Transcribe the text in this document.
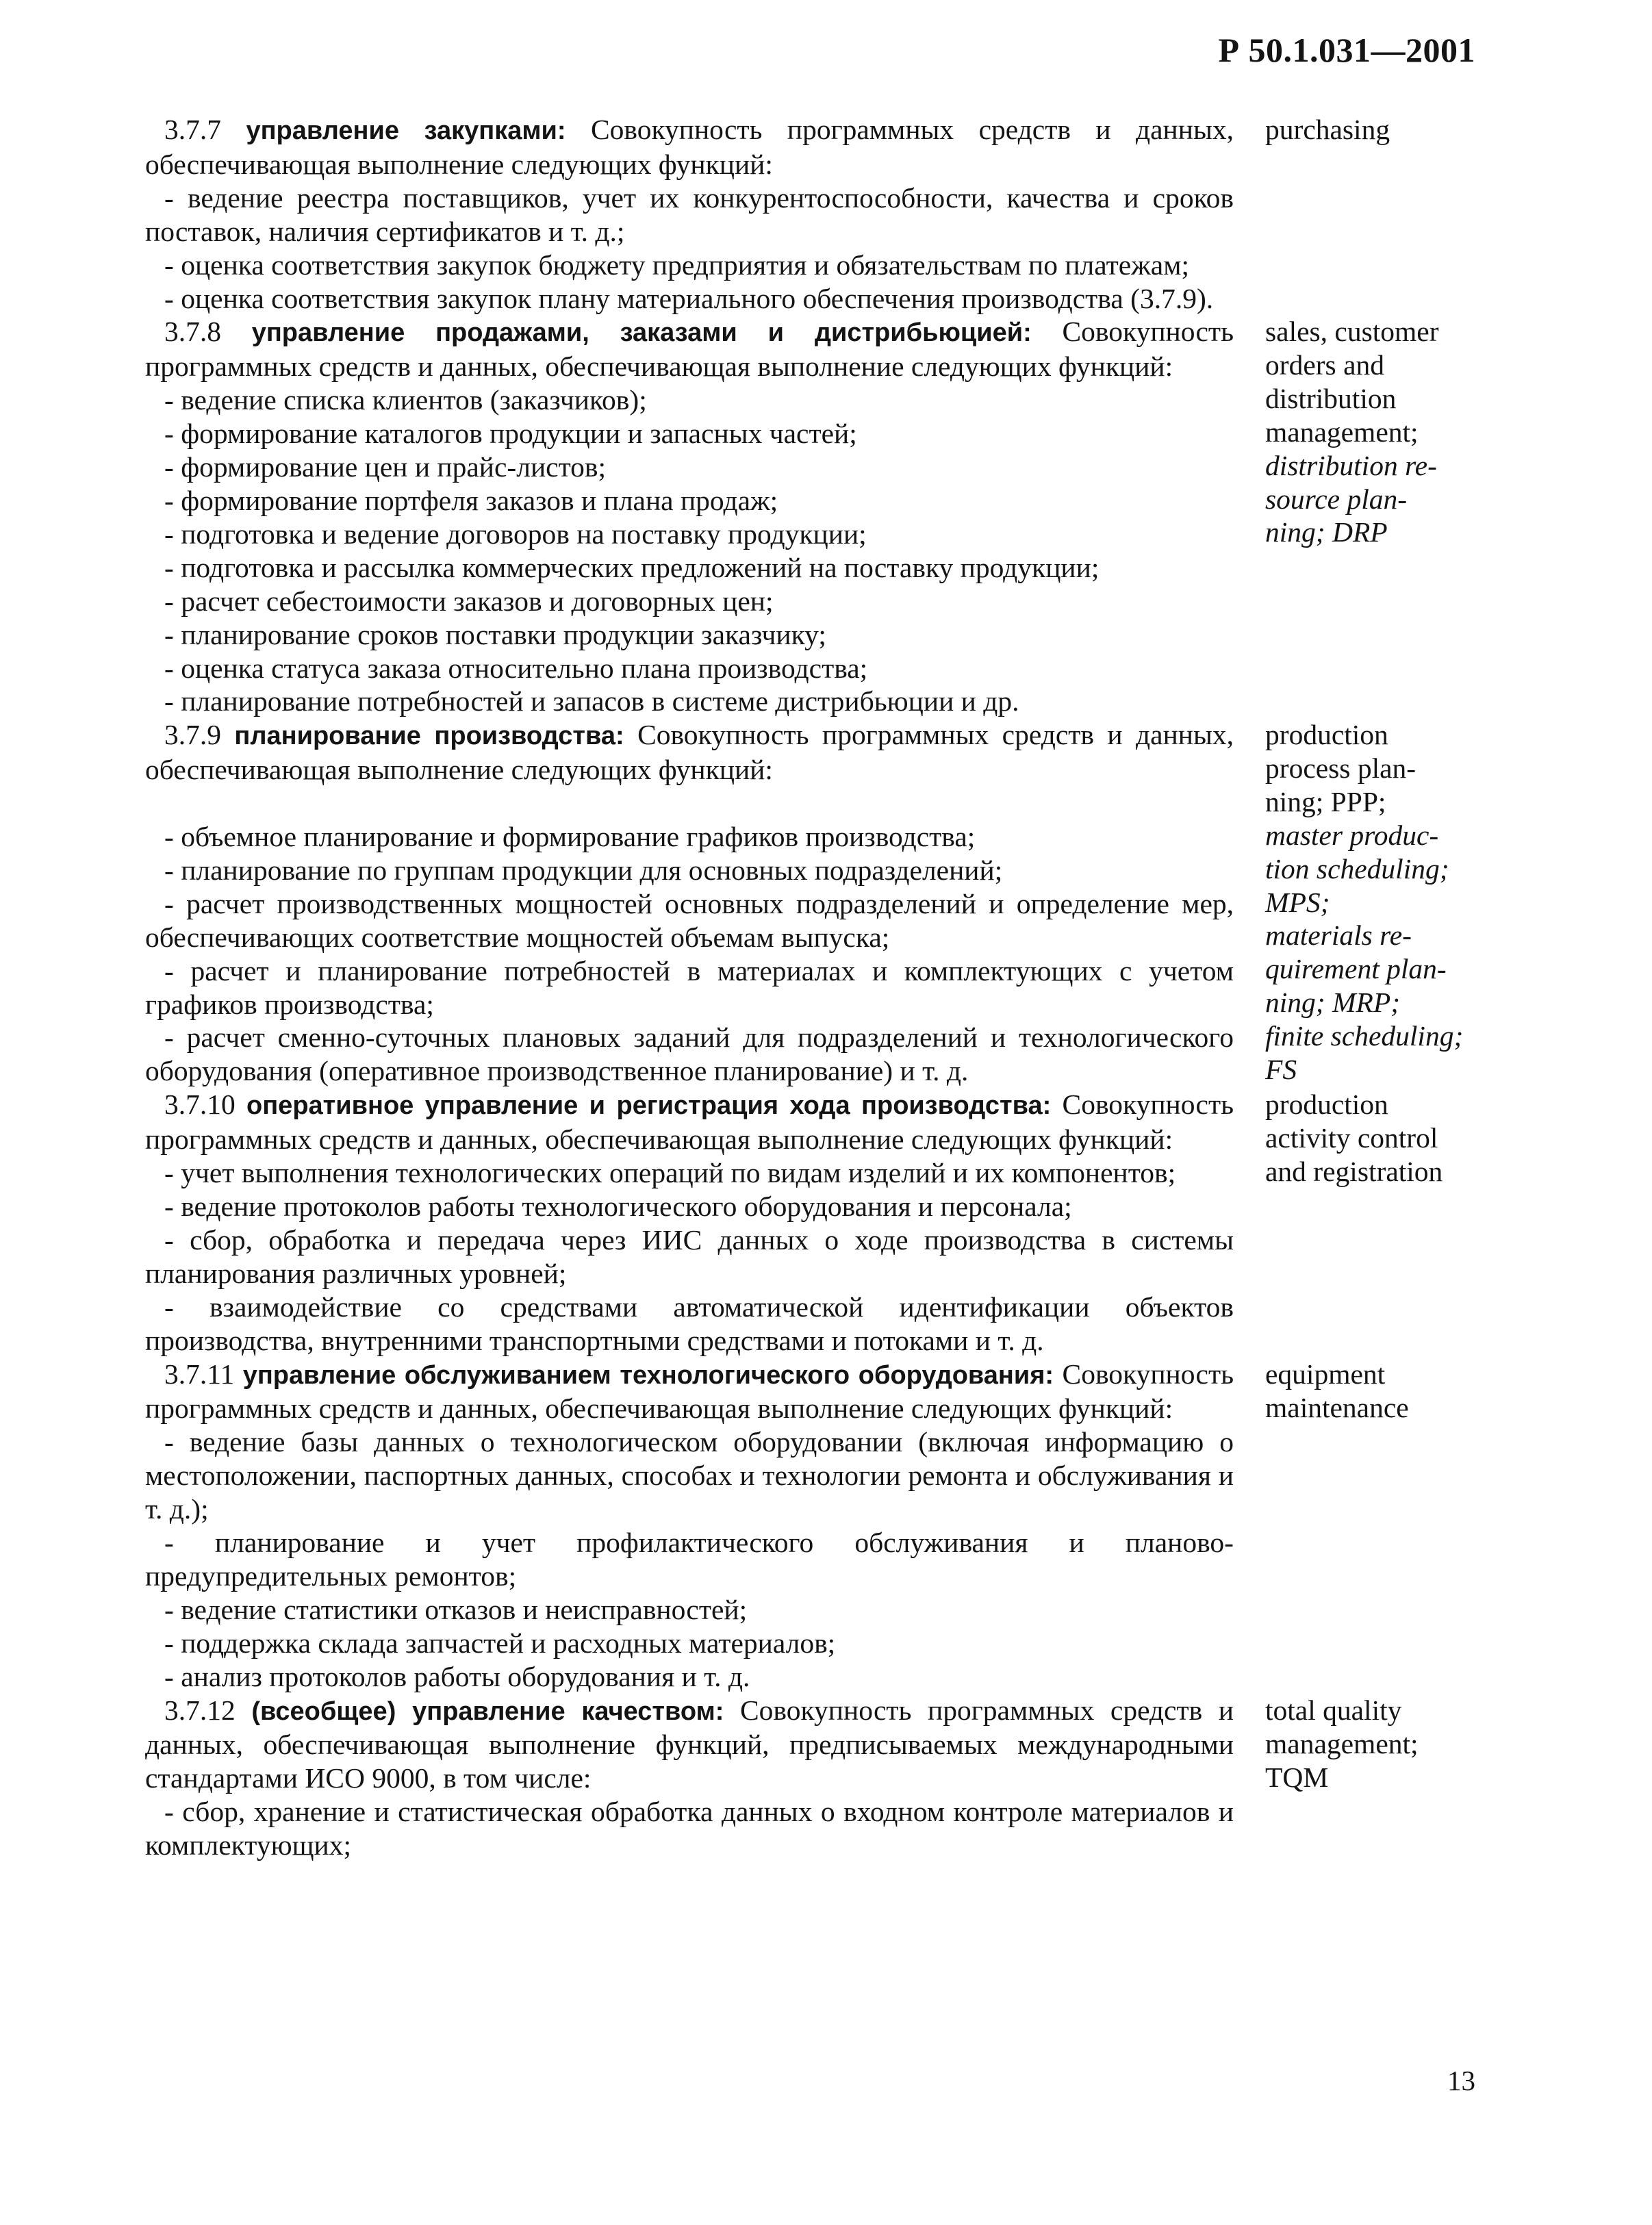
Р 50.1.031—2001
3.7.7 управление закупками: Совокупность программных средств и данных, обеспечивающая выполнение следующих функций:
- ведение реестра поставщиков, учет их конкурентоспособности, качества и сроков поставок, наличия сертификатов и т. д.;
- оценка соответствия закупок бюджету предприятия и обязательствам по платежам;
- оценка соответствия закупок плану материального обеспечения производства (3.7.9).
3.7.8 управление продажами, заказами и дистрибьюцией: Совокупность программных средств и данных, обеспечивающая выполнение следующих функций:
- ведение списка клиентов (заказчиков);
- формирование каталогов продукции и запасных частей;
- формирование цен и прайс-листов;
- формирование портфеля заказов и плана продаж;
- подготовка и ведение договоров на поставку продукции;
- подготовка и рассылка коммерческих предложений на поставку продукции;
- расчет себестоимости заказов и договорных цен;
- планирование сроков поставки продукции заказчику;
- оценка статуса заказа относительно плана производства;
- планирование потребностей и запасов в системе дистрибьюции и др.
3.7.9 планирование производства: Совокупность программных средств и данных, обеспечивающая выполнение следующих функций:
- объемное планирование и формирование графиков производства;
- планирование по группам продукции для основных подразделений;
- расчет производственных мощностей основных подразделений и определение мер, обеспечивающих соответствие мощностей объемам выпуска;
- расчет и планирование потребностей в материалах и комплектующих с учетом графиков производства;
- расчет сменно-суточных плановых заданий для подразделений и технологического оборудования (оперативное производственное планирование) и т. д.
3.7.10 оперативное управление и регистрация хода производства: Совокупность программных средств и данных, обеспечивающая выполнение следующих функций:
- учет выполнения технологических операций по видам изделий и их компонентов;
- ведение протоколов работы технологического оборудования и персонала;
- сбор, обработка и передача через ИИС данных о ходе производства в системы планирования различных уровней;
- взаимодействие со средствами автоматической идентификации объектов производства, внутренними транспортными средствами и потоками и т. д.
3.7.11 управление обслуживанием технологического оборудования: Совокупность программных средств и данных, обеспечивающая выполнение следующих функций:
- ведение базы данных о технологическом оборудовании (включая информацию о местоположении, паспортных данных, способах и технологии ремонта и обслуживания и т. д.);
- планирование и учет профилактического обслуживания и планово-предупредительных ремонтов;
- ведение статистики отказов и неисправностей;
- поддержка склада запчастей и расходных материалов;
- анализ протоколов работы оборудования и т. д.
3.7.12 (всеобщее) управление качеством: Совокупность программных средств и данных, обеспечивающая выполнение функций, предписываемых международными стандартами ИСО 9000, в том числе:
- сбор, хранение и статистическая обработка данных о входном контроле материалов и комплектующих;
purchasing
sales, customer
orders and
distribution
management;
distribution re-
source plan-
ning; DRP
production
process plan-
ning; PPP;
master produc-
tion scheduling;
MPS;
materials re-
quirement plan-
ning; MRP;
finite scheduling;
FS
production
activity control
and registration
equipment
maintenance
total quality
management;
TQM
13
